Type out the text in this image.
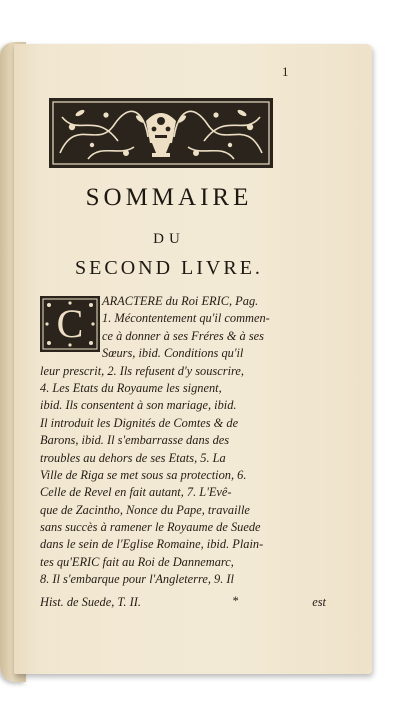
1
SOMMAIRE
DU
SECOND LIVRE.
C	ARACTERE du Roi ERIC, Pag.
1. Mécontentement qu'il commen-
ce à donner à ses Fréres & à ses
Sœurs, ibid. Conditions qu'il
leur prescrit, 2. Ils refusent d'y souscrire,
4. Les Etats du Royaume les signent,
ibid. Ils consentent à son mariage, ibid.
Il introduit les Dignités de Comtes & de
Barons, ibid. Il s'embarrasse dans des
troubles au dehors de ses Etats, 5. La
Ville de Riga se met sous sa protection, 6.
Celle de Revel en fait autant, 7. L'Evê-
que de Zacintho, Nonce du Pape, travaille
sans succès à ramener le Royaume de Suede
dans le sein de l'Eglise Romaine, ibid. Plain-
tes qu'ERIC fait au Roi de Dannemarc,
8. Il s'embarque pour l'Angleterre, 9. Il
Hist. de Suede, T. II.	*	est
